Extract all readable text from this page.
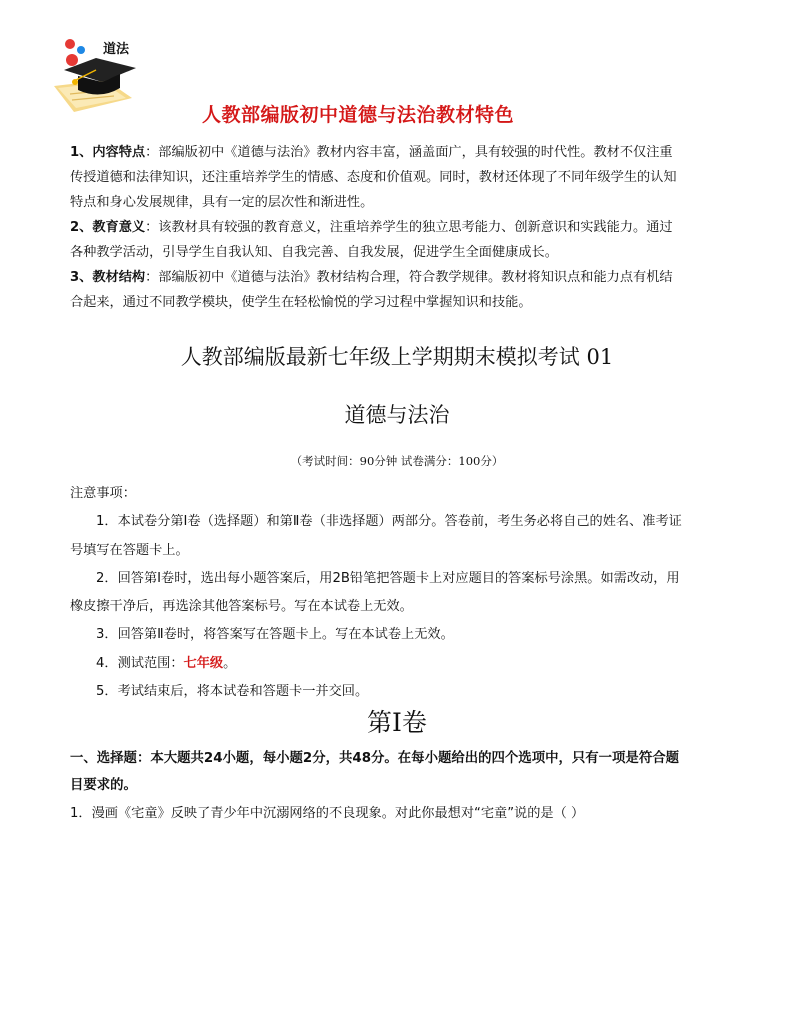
道法
人教部编版初中道德与法治教材特色

1、内容特点：部编版初中《道德与法治》教材内容丰富，涵盖面广，具有较强的时代性。教材不仅注重传授道德和法律知识，还注重培养学生的情感、态度和价值观。同时，教材还体现了不同年级学生的认知特点和身心发展规律，具有一定的层次性和渐进性。

2、教育意义：该教材具有较强的教育意义，注重培养学生的独立思考能力、创新意识和实践能力。通过各种教学活动，引导学生自我认知、自我完善、自我发展，促进学生全面健康成长。

3、教材结构：部编版初中《道德与法治》教材结构合理，符合教学规律。教材将知识点和能力点有机结合起来，通过不同教学模块，使学生在轻松愉悦的学习过程中掌握知识和技能。

人教部编版最新七年级上学期期末模拟考试 01
道德与法治
（考试时间：90分钟 试卷满分：100分）

注意事项：

1．本试卷分第Ⅰ卷（选择题）和第Ⅱ卷（非选择题）两部分。答卷前，考生务必将自己的姓名、准考证号填写在答题卡上。

2．回答第Ⅰ卷时，选出每小题答案后，用2B铅笔把答题卡上对应题目的答案标号涂黑。如需改动，用橡皮擦干净后，再选涂其他答案标号。写在本试卷上无效。

3．回答第Ⅱ卷时，将答案写在答题卡上。写在本试卷上无效。

4．测试范围：七年级。

5．考试结束后，将本试卷和答题卡一并交回。

第Ⅰ卷

一、选择题：本大题共24小题，每小题2分，共48分。在每小题给出的四个选项中，只有一项是符合题目要求的。

1．漫画《宅童》反映了青少年中沉溺网络的不良现象。对此你最想对“宅童”说的是（ ）
